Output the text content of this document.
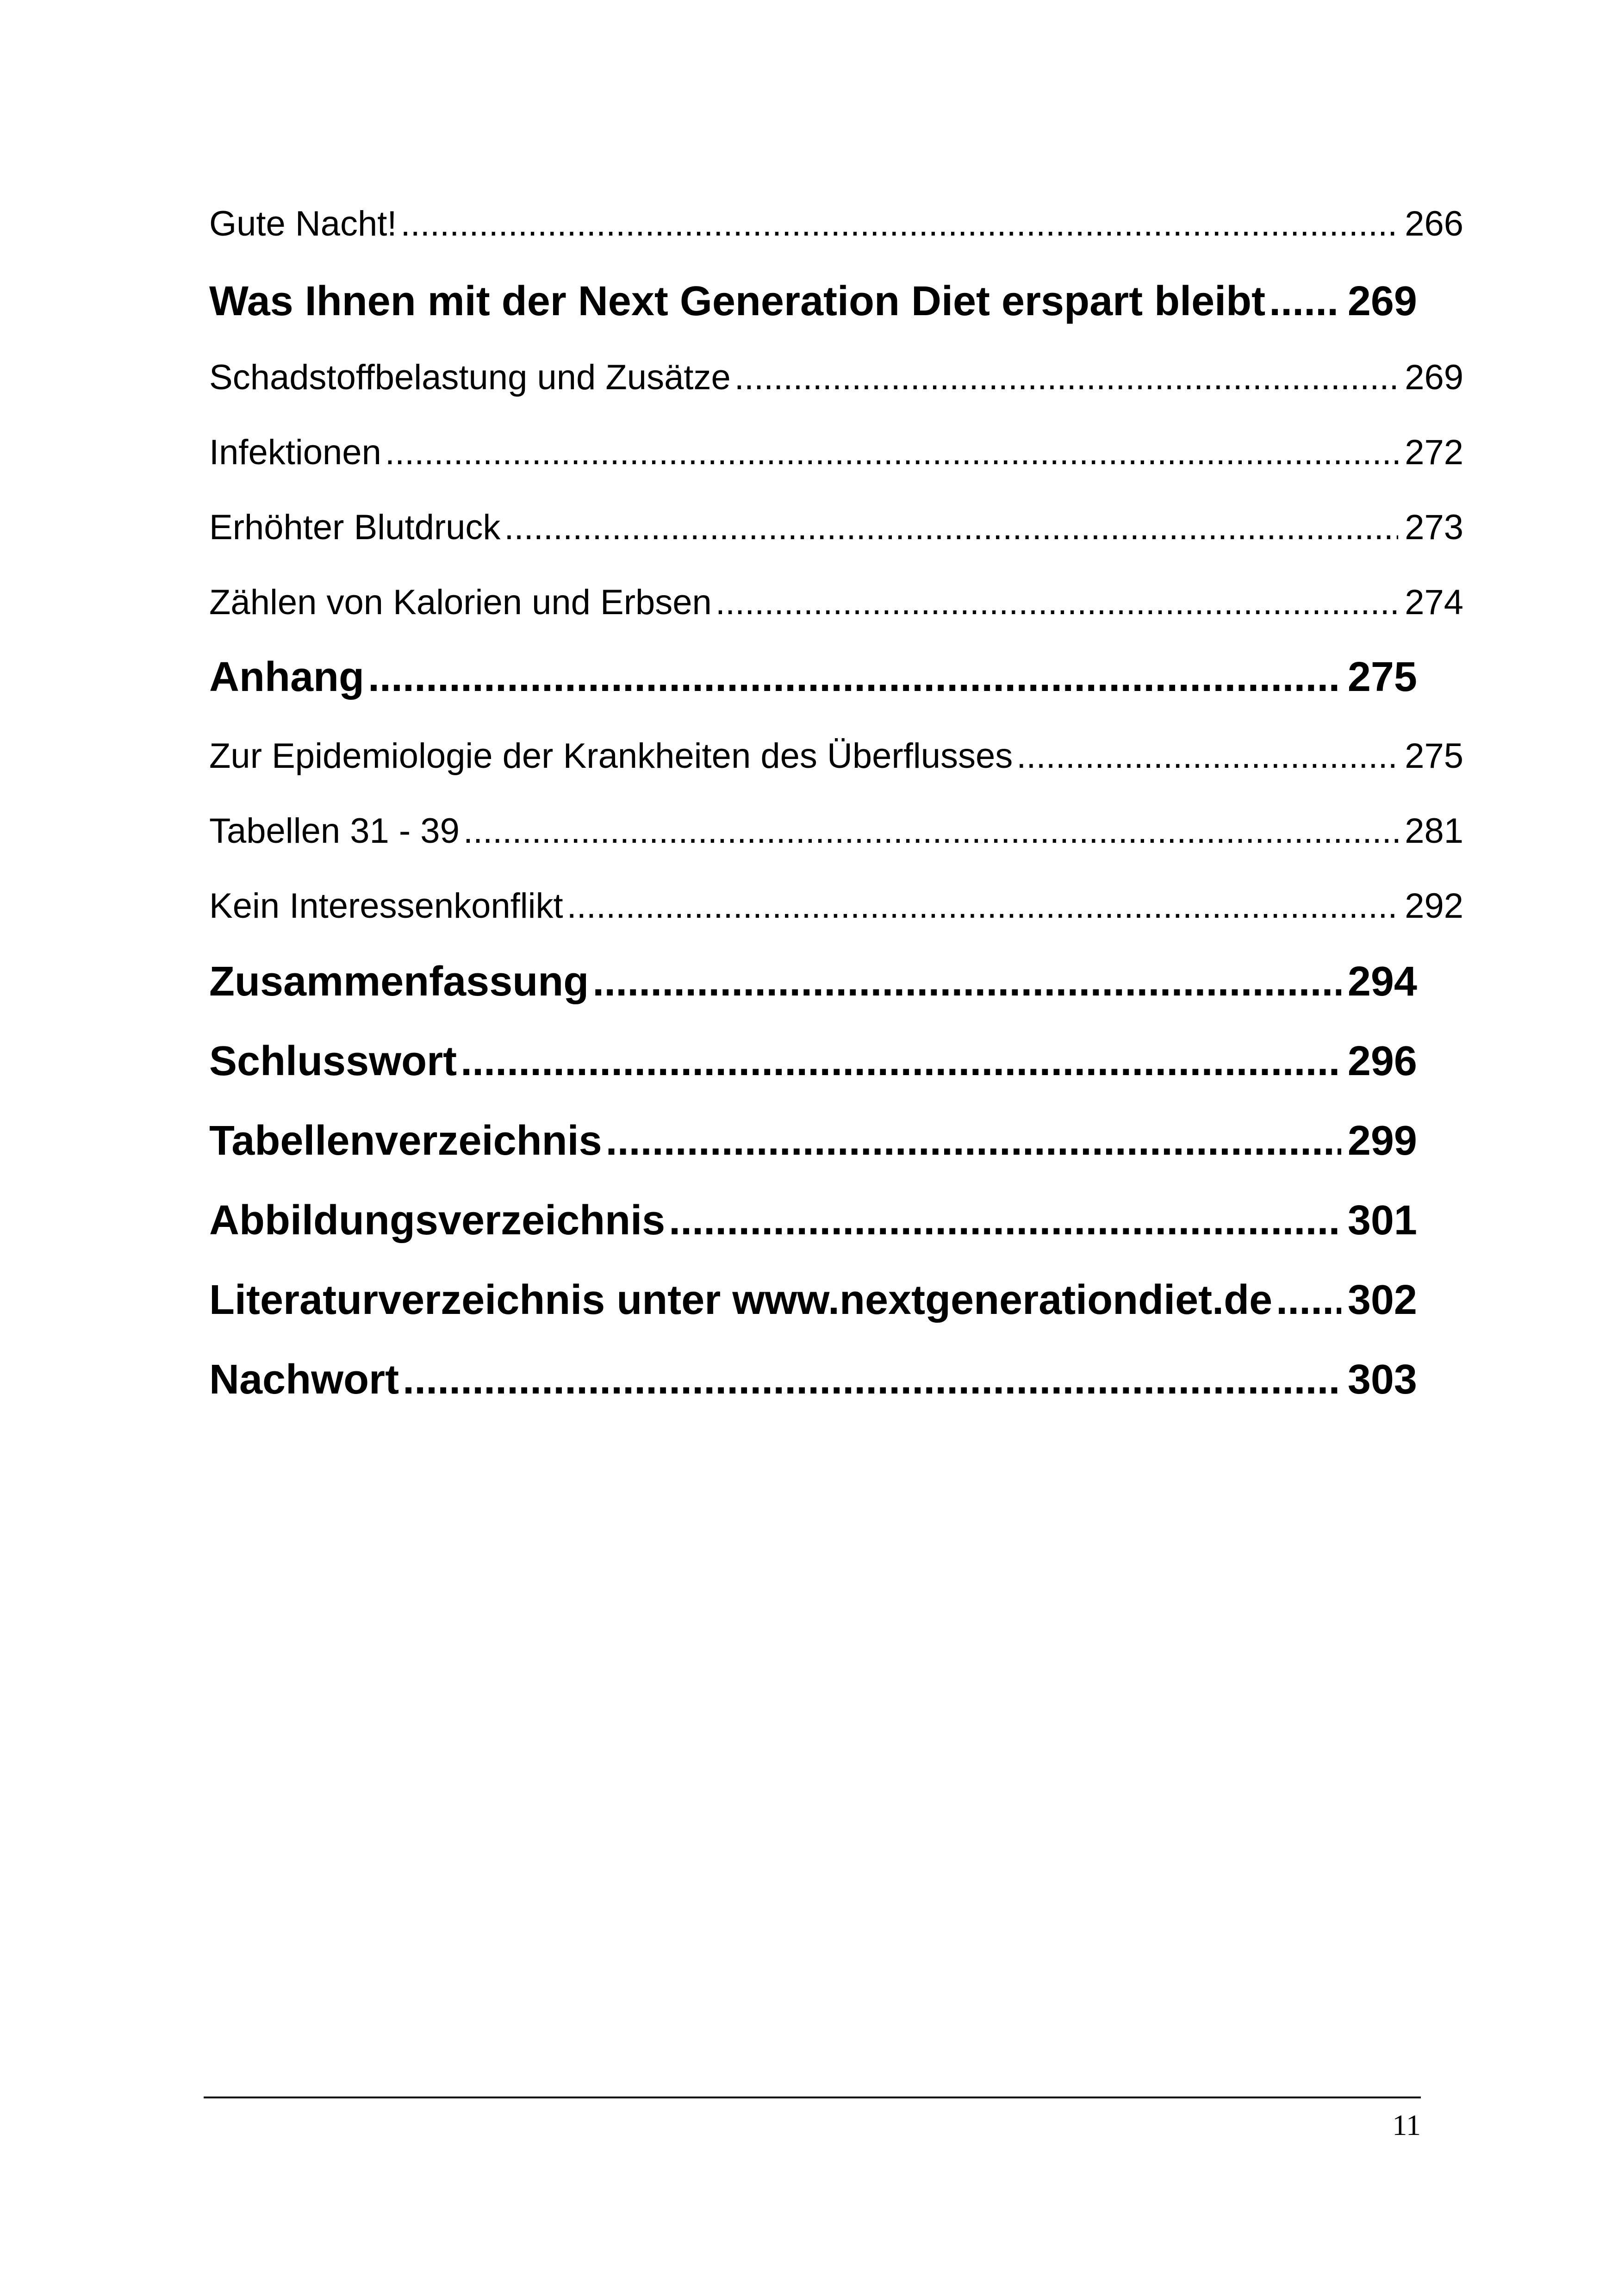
Gute Nacht! .....	266
Was Ihnen mit der Next Generation Diet erspart bleibt ..... 269
Schadstoffbelastung und Zusätze .....	269
Infektionen .....	272
Erhöhter Blutdruck .....	273
Zählen von Kalorien und Erbsen .....	274
Anhang .....	275
Zur Epidemiologie der Krankheiten des Überflusses .....	275
Tabellen 31 - 39 .....	281
Kein Interessenkonflikt .....	292
Zusammenfassung .....	294
Schlusswort .....	296
Tabellenverzeichnis .....	299
Abbildungsverzeichnis .....	301
Literaturverzeichnis unter www.nextgenerationdiet.de ..... 302
Nachwort .....	303
11
